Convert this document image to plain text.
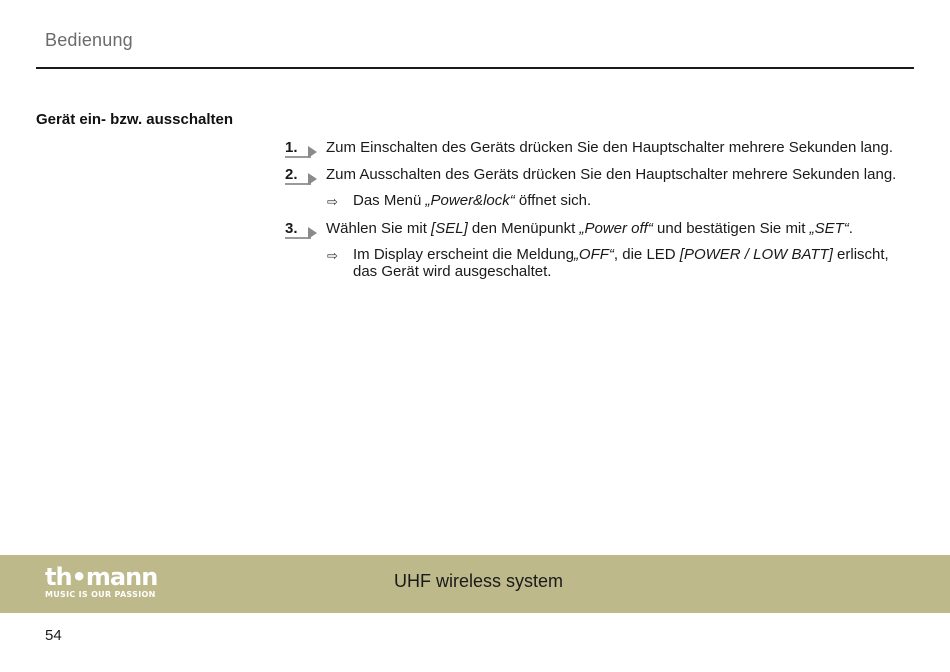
Bedienung
Gerät ein- bzw. ausschalten
1. Zum Einschalten des Geräts drücken Sie den Hauptschalter mehrere Sekunden lang.
2. Zum Ausschalten des Geräts drücken Sie den Hauptschalter mehrere Sekunden lang.
⇨ Das Menü „Power&lock“ öffnet sich.
3. Wählen Sie mit [SEL] den Menüpunkt „Power off“ und bestätigen Sie mit „SET“.
⇨ Im Display erscheint die Meldung„OFF“, die LED [POWER / LOW BATT] erlischt, das Gerät wird ausgeschaltet.
th•mann
MUSIC IS OUR PASSION
UHF wireless system
54
